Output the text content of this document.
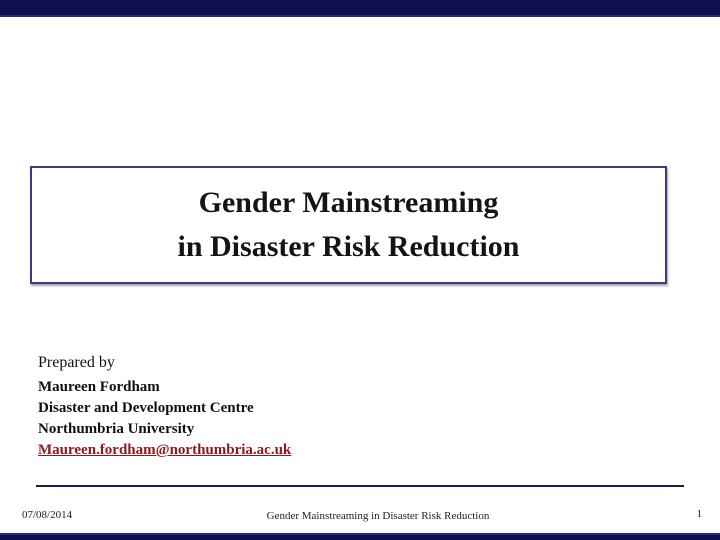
Gender Mainstreaming
in Disaster Risk Reduction
Prepared by
Maureen Fordham
Disaster and Development Centre
Northumbria University
Maureen.fordham@northumbria.ac.uk
07/08/2014	Gender Mainstreaming in Disaster Risk Reduction	1
